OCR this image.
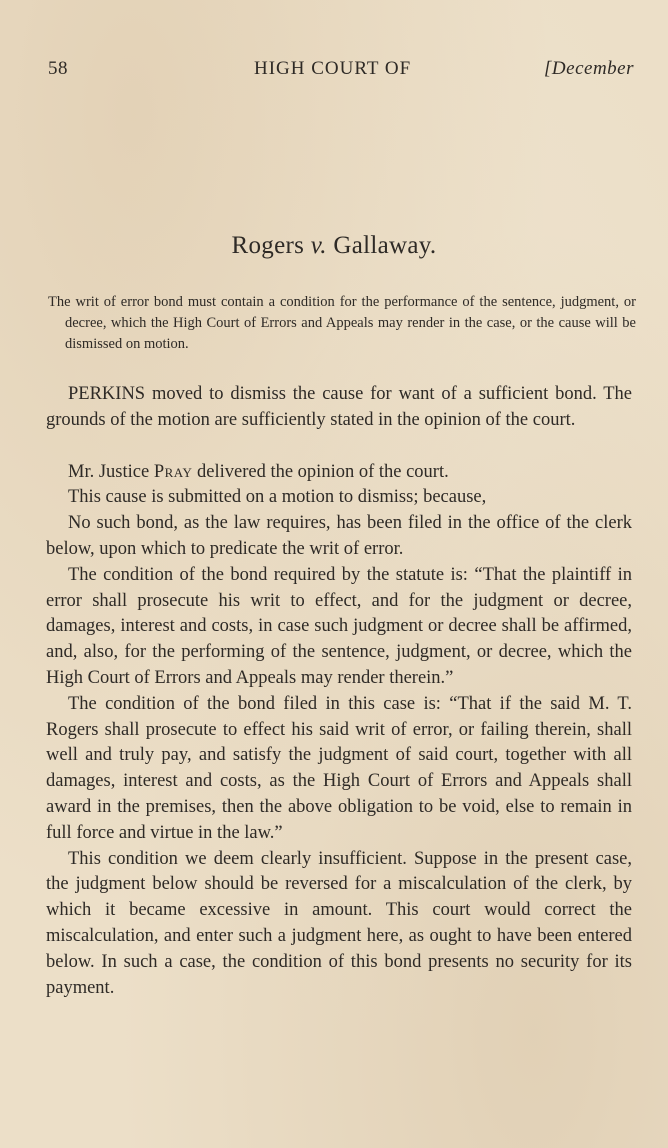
58	HIGH COURT OF	[December
Rogers v. Gallaway.

The writ of error bond must contain a condition for the performance of the sentence, judgment, or decree, which the High Court of Errors and Appeals may render in the case, or the cause will be dismissed on motion.

PERKINS moved to dismiss the cause for want of a sufficient bond. The grounds of the motion are sufficiently stated in the opinion of the court.

Mr. Justice Pray delivered the opinion of the court.

This cause is submitted on a motion to dismiss; because,

No such bond, as the law requires, has been filed in the office of the clerk below, upon which to predicate the writ of error.

The condition of the bond required by the statute is: “That the plaintiff in error shall prosecute his writ to effect, and for the judgment or decree, damages, interest and costs, in case such judgment or decree shall be affirmed, and, also, for the performing of the sentence, judgment, or decree, which the High Court of Errors and Appeals may render therein.”

The condition of the bond filed in this case is: “That if the said M. T. Rogers shall prosecute to effect his said writ of error, or failing therein, shall well and truly pay, and satisfy the judgment of said court, together with all damages, interest and costs, as the High Court of Errors and Appeals shall award in the premises, then the above obligation to be void, else to remain in full force and virtue in the law.”

This condition we deem clearly insufficient. Suppose in the present case, the judgment below should be reversed for a miscalculation of the clerk, by which it became excessive in amount. This court would correct the miscalculation, and enter such a judgment here, as ought to have been entered below. In such a case, the condition of this bond presents no security for its payment.
